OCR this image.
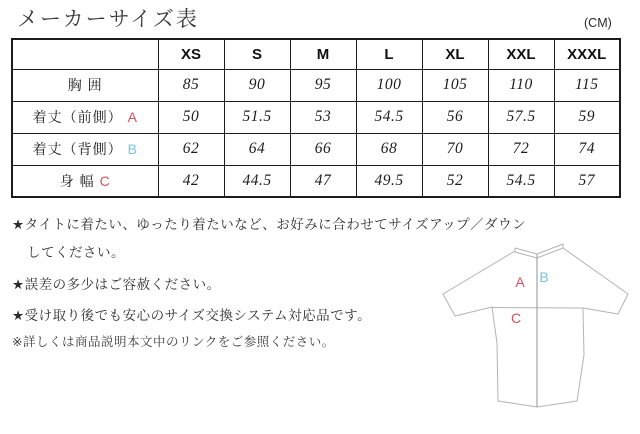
メーカーサイズ表	(CM)
	XS	S	M	L	XL	XXL	XXXL
胸 囲	85	90	95	100	105	110	115
着丈（前側） A	50	51.5	53	54.5	56	57.5	59
着丈（背側） B	62	64	66	68	70	72	74
身 幅 C	42	44.5	47	49.5	52	54.5	57
★タイトに着たい、ゆったり着たいなど、お好みに合わせてサイズアップ／ダウン
してください。
★誤差の多少はご容赦ください。
★受け取り後でも安心のサイズ交換システム対応品です。
※詳しくは商品説明本文中のリンクをご参照ください。
A B
C
